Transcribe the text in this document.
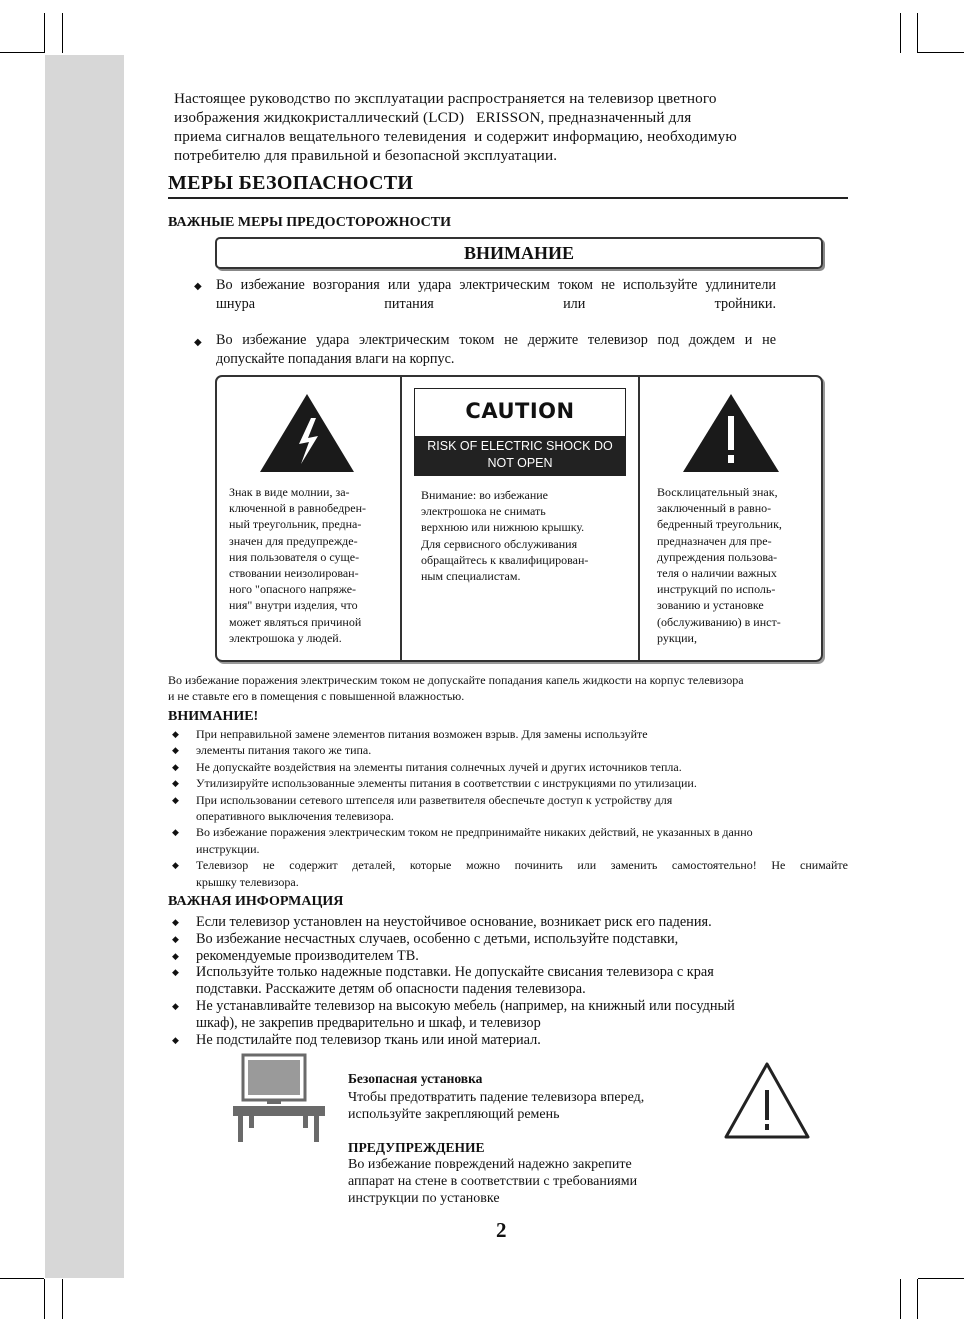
Настоящее руководство по эксплуатации распространяется на телевизор цветного
изображения жидкокристаллический (LCD)   ERISSON, предназначенный для
приема сигналов вещательного телевидения  и содержит информацию, необходимую
потребителю для правильной и безопасной эксплуатации.
МЕРЫ БЕЗОПАСНОСТИ
ВАЖНЫЕ МЕРЫ ПРЕДОСТОРОЖНОСТИ
ВНИМАНИЕ
◆ Во избежание возгорания или удара электрическим током не используйте удлинители шнура питания или тройники.
◆ Во избежание удара электрическим током не держите телевизор под дождем и не допускайте попадания влаги на корпус.
Знак в виде молнии, за-
ключенной в равнобедрен-
ный треугольник, предна-
значен для предупрежде-
ния пользователя о суще-
ствовании неизолирован-
ного "опасного напряже-
ния" внутри изделия, что
может являться причиной
электрошока у людей.
CAUTION
RISK OF ELECTRIC SHOCK DO
NOT OPEN
Внимание: во избежание
электрошока не снимать
верхнюю или нижнюю крышку.
Для сервисного обслуживания
обращайтесь к квалифицирован-
ным специалистам.
Восклицательный знак,
заключенный в равно-
бедренный треугольник,
предназначен для пре-
дупреждения пользова-
теля о наличии важных
инструкций по исполь-
зованию и установке
(обслуживанию) в инст-
рукции,
Во избежание поражения электрическим током не допускайте попадания капель жидкости на корпус телевизора
и не ставьте его в помещения с повышенной влажностью.
ВНИМАНИЕ!
◆ При неправильной замене элементов питания возможен взрыв. Для замены используйте
◆ элементы питания такого же типа.
◆ Не допускайте воздействия на элементы питания солнечных лучей и других источников тепла.
◆ Утилизируйте использованные элементы питания в соответствии с инструкциями по утилизации.
◆ При использовании сетевого штепселя или разветвителя обеспечьте доступ к устройству для
оперативного выключения телевизора.
◆ Во избежание поражения электрическим током не предпринимайте никаких действий, не указанных в данно
инструкции.
◆ Телевизор не содержит деталей, которые можно починить или заменить самостоятельно! Не снимайте
крышку телевизора.
ВАЖНАЯ ИНФОРМАЦИЯ
◆ Если телевизор установлен на неустойчивое основание, возникает риск его падения.
◆ Во избежание несчастных случаев, особенно с детьми, используйте подставки,
◆ рекомендуемые производителем ТВ.
◆ Используйте только надежные подставки. Не допускайте свисания телевизора с края
подставки. Расскажите детям об опасности падения телевизора.
◆ Не устанавливайте телевизор на высокую мебель (например, на книжный или посудный
шкаф), не закрепив предварительно и шкаф, и телевизор
◆ Не подстилайте под телевизор ткань или иной материал.
Безопасная установка
Чтобы предотвратить падение телевизора вперед,
используйте закрепляющий ремень
ПРЕДУПРЕЖДЕНИЕ
Во избежание повреждений надежно закрепите
аппарат на стене в соответствии с требованиями
инструкции по установке
2
